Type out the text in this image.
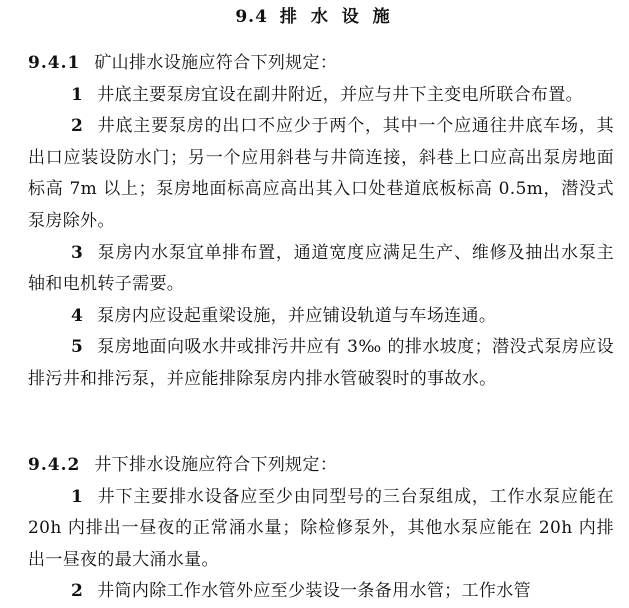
9.4 排 水 设 施
9.4.1 矿山排水设施应符合下列规定：
1 井底主要泵房宜设在副井附近，并应与井下主变电所联合布置。
2 井底主要泵房的出口不应少于两个，其中一个应通往井底车场，其出口应装设防水门；另一个应用斜巷与井筒连接，斜巷上口应高出泵房地面标高 7m 以上；泵房地面标高应高出其入口处巷道底板标高 0.5m，潜没式泵房除外。
3 泵房内水泵宜单排布置，通道宽度应满足生产、维修及抽出水泵主轴和电机转子需要。
4 泵房内应设起重梁设施，并应铺设轨道与车场连通。
5 泵房地面向吸水井或排污井应有 3‰ 的排水坡度；潜没式泵房应设排污井和排污泵，并应能排除泵房内排水管破裂时的事故水。
9.4.2 井下排水设施应符合下列规定：
1 井下主要排水设备应至少由同型号的三台泵组成，工作水泵应能在 20h 内排出一昼夜的正常涌水量；除检修泵外，其他水泵应能在 20h 内排出一昼夜的最大涌水量。
2 井筒内除工作水管外应至少装设一条备用水管；工作水管
